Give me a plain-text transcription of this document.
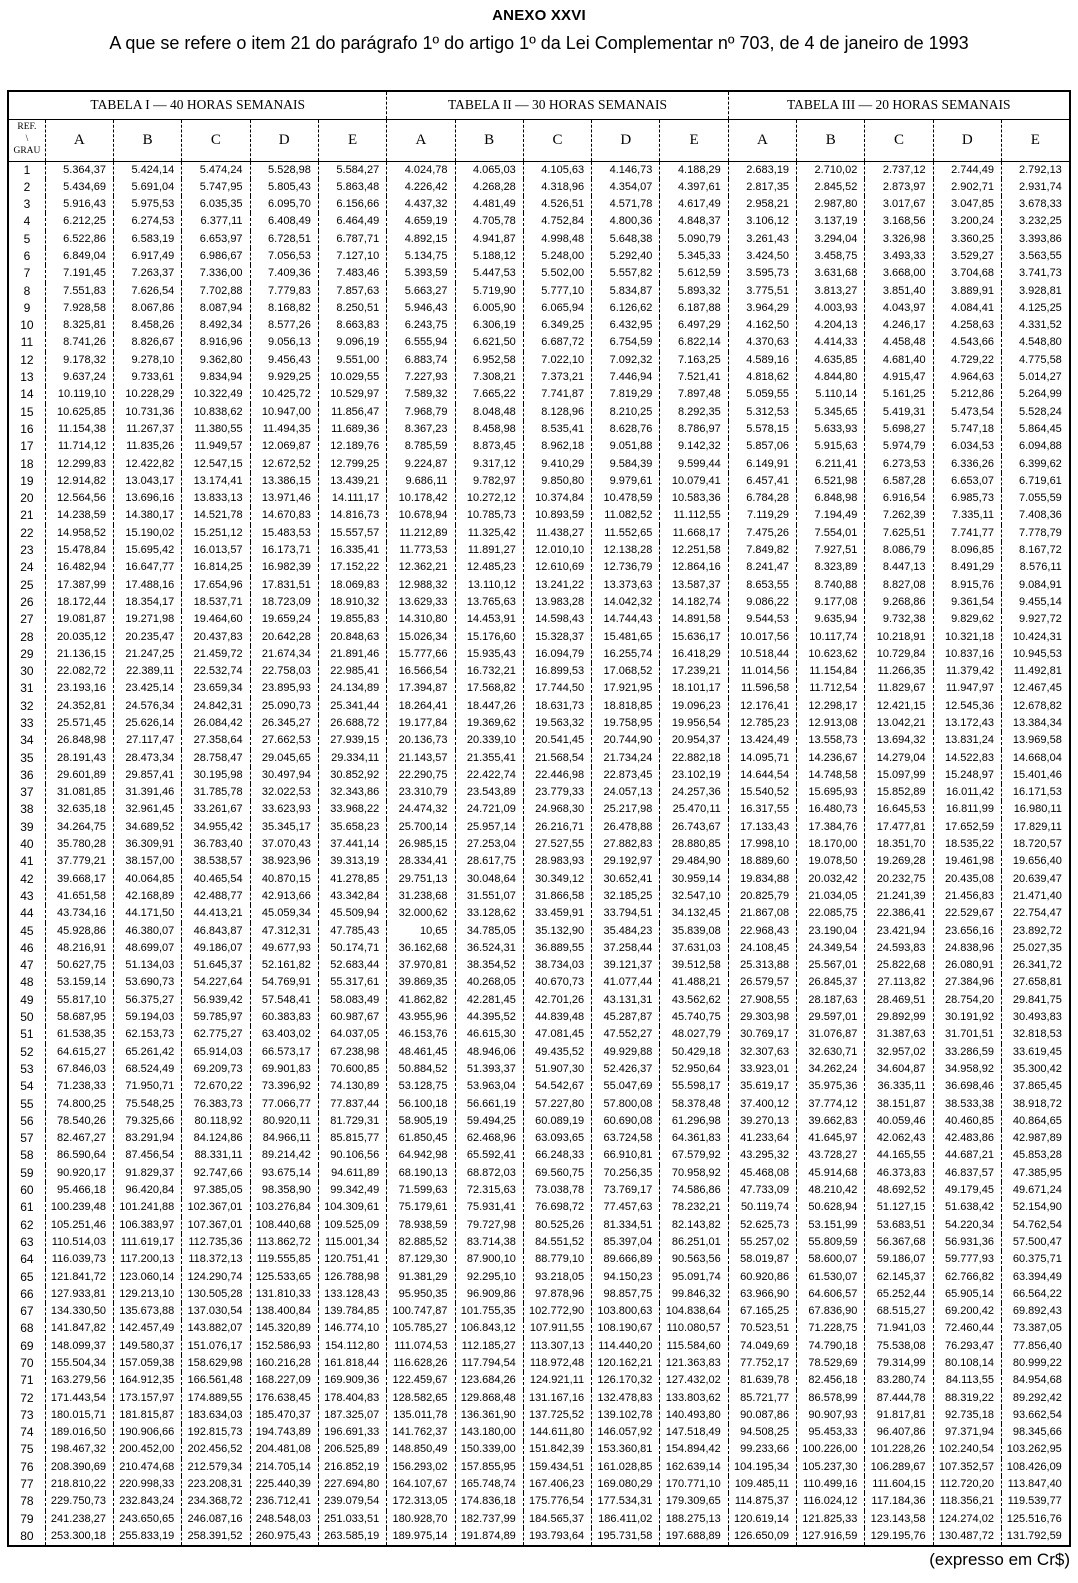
ANEXO XXVI
A que se refere o item 21 do parágrafo 1º do artigo 1º da Lei Complementar nº 703, de 4 de janeiro de 1993
TABELA I — 40 HORAS SEMANAIS						TABELA II — 30 HORAS SEMANAIS					TABELA III — 20 HORAS SEMANAIS				
REF.
\
GRAU	A	B	C	D	E	A	B	C	D	E	A	B	C	D	E
1	5.364,37	5.424,14	5.474,24	5.528,98	5.584,27	4.024,78	4.065,03	4.105,63	4.146,73	4.188,29	2.683,19	2.710,02	2.737,12	2.744,49	2.792,13
2	5.434,69	5.691,04	5.747,95	5.805,43	5.863,48	4.226,42	4.268,28	4.318,96	4.354,07	4.397,61	2.817,35	2.845,52	2.873,97	2.902,71	2.931,74
3	5.916,43	5.975,53	6.035,35	6.095,70	6.156,66	4.437,32	4.481,49	4.526,51	4.571,78	4.617,49	2.958,21	2.987,80	3.017,67	3.047,85	3.678,33
4	6.212,25	6.274,53	6.377,11	6.408,49	6.464,49	4.659,19	4.705,78	4.752,84	4.800,36	4.848,37	3.106,12	3.137,19	3.168,56	3.200,24	3.232,25
5	6.522,86	6.583,19	6.653,97	6.728,51	6.787,71	4.892,15	4.941,87	4.998,48	5.648,38	5.090,79	3.261,43	3.294,04	3.326,98	3.360,25	3.393,86
6	6.849,04	6.917,49	6.986,67	7.056,53	7.127,10	5.134,75	5.188,12	5.248,00	5.292,40	5.345,33	3.424,50	3.458,75	3.493,33	3.529,27	3.563,55
7	7.191,45	7.263,37	7.336,00	7.409,36	7.483,46	5.393,59	5.447,53	5.502,00	5.557,82	5.612,59	3.595,73	3.631,68	3.668,00	3.704,68	3.741,73
8	7.551,83	7.626,54	7.702,88	7.779,83	7.857,63	5.663,27	5.719,90	5.777,10	5.834,87	5.893,32	3.775,51	3.813,27	3.851,40	3.889,91	3.928,81
9	7.928,58	8.067,86	8.087,94	8.168,82	8.250,51	5.946,43	6.005,90	6.065,94	6.126,62	6.187,88	3.964,29	4.003,93	4.043,97	4.084,41	4.125,25
10	8.325,81	8.458,26	8.492,34	8.577,26	8.663,83	6.243,75	6.306,19	6.349,25	6.432,95	6.497,29	4.162,50	4.204,13	4.246,17	4.258,63	4.331,52
11	8.741,26	8.826,67	8.916,96	9.056,13	9.096,19	6.555,94	6.621,50	6.687,72	6.754,59	6.822,14	4.370,63	4.414,33	4.458,48	4.543,66	4.548,80
12	9.178,32	9.278,10	9.362,80	9.456,43	9.551,00	6.883,74	6.952,58	7.022,10	7.092,32	7.163,25	4.589,16	4.635,85	4.681,40	4.729,22	4.775,58
13	9.637,24	9.733,61	9.834,94	9.929,25	10.029,55	7.227,93	7.308,21	7.373,21	7.446,94	7.521,41	4.818,62	4.844,80	4.915,47	4.964,63	5.014,27
14	10.119,10	10.228,29	10.322,49	10.425,72	10.529,97	7.589,32	7.665,22	7.741,87	7.819,29	7.897,48	5.059,55	5.110,14	5.161,25	5.212,86	5.264,99
15	10.625,85	10.731,36	10.838,62	10.947,00	11.856,47	7.968,79	8.048,48	8.128,96	8.210,25	8.292,35	5.312,53	5.345,65	5.419,31	5.473,54	5.528,24
16	11.154,38	11.267,37	11.380,55	11.494,35	11.689,36	8.367,23	8.458,98	8.535,41	8.628,76	8.786,97	5.578,15	5.633,93	5.698,27	5.747,18	5.864,45
17	11.714,12	11.835,26	11.949,57	12.069,87	12.189,76	8.785,59	8.873,45	8.962,18	9.051,88	9.142,32	5.857,06	5.915,63	5.974,79	6.034,53	6.094,88
18	12.299,83	12.422,82	12.547,15	12.672,52	12.799,25	9.224,87	9.317,12	9.410,29	9.584,39	9.599,44	6.149,91	6.211,41	6.273,53	6.336,26	6.399,62
19	12.914,82	13.043,17	13.174,41	13.386,15	13.439,21	9.686,11	9.782,97	9.850,80	9.979,61	10.079,41	6.457,41	6.521,98	6.587,28	6.653,07	6.719,61
20	12.564,56	13.696,16	13.833,13	13.971,46	14.111,17	10.178,42	10.272,12	10.374,84	10.478,59	10.583,36	6.784,28	6.848,98	6.916,54	6.985,73	7.055,59
21	14.238,59	14.380,17	14.521,78	14.670,83	14.816,73	10.678,94	10.785,73	10.893,59	11.082,52	11.112,55	7.119,29	7.194,49	7.262,39	7.335,11	7.408,36
22	14.958,52	15.190,02	15.251,12	15.483,53	15.557,57	11.212,89	11.325,42	11.438,27	11.552,65	11.668,17	7.475,26	7.554,01	7.625,51	7.741,77	7.778,79
23	15.478,84	15.695,42	16.013,57	16.173,71	16.335,41	11.773,53	11.891,27	12.010,10	12.138,28	12.251,58	7.849,82	7.927,51	8.086,79	8.096,85	8.167,72
24	16.482,94	16.647,77	16.814,25	16.982,39	17.152,22	12.362,21	12.485,23	12.610,69	12.736,79	12.864,16	8.241,47	8.323,89	8.447,13	8.491,29	8.576,11
25	17.387,99	17.488,16	17.654,96	17.831,51	18.069,83	12.988,32	13.110,12	13.241,22	13.373,63	13.587,37	8.653,55	8.740,88	8.827,08	8.915,76	9.084,91
26	18.172,44	18.354,17	18.537,71	18.723,09	18.910,32	13.629,33	13.765,63	13.983,28	14.042,32	14.182,74	9.086,22	9.177,08	9.268,86	9.361,54	9.455,14
27	19.081,87	19.271,98	19.464,60	19.659,24	19.855,83	14.310,80	14.453,91	14.598,43	14.744,43	14.891,58	9.544,53	9.635,94	9.732,38	9.829,62	9.927,72
28	20.035,12	20.235,47	20.437,83	20.642,28	20.848,63	15.026,34	15.176,60	15.328,37	15.481,65	15.636,17	10.017,56	10.117,74	10.218,91	10.321,18	10.424,31
29	21.136,15	21.247,25	21.459,72	21.674,34	21.891,46	15.777,66	15.935,43	16.094,79	16.255,74	16.418,29	10.518,44	10.623,62	10.729,84	10.837,16	10.945,53
30	22.082,72	22.389,11	22.532,74	22.758,03	22.985,41	16.566,54	16.732,21	16.899,53	17.068,52	17.239,21	11.014,56	11.154,84	11.266,35	11.379,42	11.492,81
31	23.193,16	23.425,14	23.659,34	23.895,93	24.134,89	17.394,87	17.568,82	17.744,50	17.921,95	18.101,17	11.596,58	11.712,54	11.829,67	11.947,97	12.467,45
32	24.352,81	24.576,34	24.842,31	25.090,73	25.341,44	18.264,41	18.447,26	18.631,73	18.818,85	19.096,23	12.176,41	12.298,17	12.421,15	12.545,36	12.678,82
33	25.571,45	25.626,14	26.084,42	26.345,27	26.688,72	19.177,84	19.369,62	19.563,32	19.758,95	19.956,54	12.785,23	12.913,08	13.042,21	13.172,43	13.384,34
34	26.848,98	27.117,47	27.358,64	27.662,53	27.939,15	20.136,73	20.339,10	20.541,45	20.744,90	20.954,37	13.424,49	13.558,73	13.694,32	13.831,24	13.969,58
35	28.191,43	28.473,34	28.758,47	29.045,65	29.334,11	21.143,57	21.355,41	21.568,54	21.734,24	22.882,18	14.095,71	14.236,67	14.279,04	14.522,83	14.668,04
36	29.601,89	29.857,41	30.195,98	30.497,94	30.852,92	22.290,75	22.422,74	22.446,98	22.873,45	23.102,19	14.644,54	14.748,58	15.097,99	15.248,97	15.401,46
37	31.081,85	31.391,46	31.785,78	32.022,53	32.343,86	23.310,79	23.543,89	23.779,33	24.057,13	24.257,36	15.540,52	15.695,93	15.852,89	16.011,42	16.171,53
38	32.635,18	32.961,45	33.261,67	33.623,93	33.968,22	24.474,32	24.721,09	24.968,30	25.217,98	25.470,11	16.317,55	16.480,73	16.645,53	16.811,99	16.980,11
39	34.264,75	34.689,52	34.955,42	35.345,17	35.658,23	25.700,14	25.957,14	26.216,71	26.478,88	26.743,67	17.133,43	17.384,76	17.477,81	17.652,59	17.829,11
40	35.780,28	36.309,91	36.783,40	37.070,43	37.441,14	26.985,15	27.253,04	27.527,55	27.882,83	28.880,85	17.998,10	18.170,00	18.351,70	18.535,22	18.720,57
41	37.779,21	38.157,00	38.538,57	38.923,96	39.313,19	28.334,41	28.617,75	28.983,93	29.192,97	29.484,90	18.889,60	19.078,50	19.269,28	19.461,98	19.656,40
42	39.668,17	40.064,85	40.465,54	40.870,15	41.278,85	29.751,13	30.048,64	30.349,12	30.652,41	30.959,14	19.834,88	20.032,42	20.232,75	20.435,08	20.639,47
43	41.651,58	42.168,89	42.488,77	42.913,66	43.342,84	31.238,68	31.551,07	31.866,58	32.185,25	32.547,10	20.825,79	21.034,05	21.241,39	21.456,83	21.471,40
44	43.734,16	44.171,50	44.413,21	45.059,34	45.509,94	32.000,62	33.128,62	33.459,91	33.794,51	34.132,45	21.867,08	22.085,75	22.386,41	22.529,67	22.754,47
45	45.928,86	46.380,07	46.843,87	47.312,31	47.785,43	10,65	34.785,05	35.132,90	35.484,23	35.839,08	22.968,43	23.190,04	23.421,94	23.656,16	23.892,72
46	48.216,91	48.699,07	49.186,07	49.677,93	50.174,71	36.162,68	36.524,31	36.889,55	37.258,44	37.631,03	24.108,45	24.349,54	24.593,83	24.838,96	25.027,35
47	50.627,75	51.134,03	51.645,37	52.161,82	52.683,44	37.970,81	38.354,52	38.734,03	39.121,37	39.512,58	25.313,88	25.567,01	25.822,68	26.080,91	26.341,72
48	53.159,14	53.690,73	54.227,64	54.769,91	55.317,61	39.869,35	40.268,05	40.670,73	41.077,44	41.488,21	26.579,57	26.845,37	27.113,82	27.384,96	27.658,81
49	55.817,10	56.375,27	56.939,42	57.548,41	58.083,49	41.862,82	42.281,45	42.701,26	43.131,31	43.562,62	27.908,55	28.187,63	28.469,51	28.754,20	29.841,75
50	58.687,95	59.194,03	59.785,97	60.383,83	60.987,67	43.955,96	44.395,52	44.839,48	45.287,87	45.740,75	29.303,98	29.597,01	29.892,99	30.191,92	30.493,83
51	61.538,35	62.153,73	62.775,27	63.403,02	64.037,05	46.153,76	46.615,30	47.081,45	47.552,27	48.027,79	30.769,17	31.076,87	31.387,63	31.701,51	32.818,53
52	64.615,27	65.261,42	65.914,03	66.573,17	67.238,98	48.461,45	48.946,06	49.435,52	49.929,88	50.429,18	32.307,63	32.630,71	32.957,02	33.286,59	33.619,45
53	67.846,03	68.524,49	69.209,73	69.901,83	70.600,85	50.884,52	51.393,37	51.907,30	52.426,37	52.950,64	33.923,01	34.262,24	34.604,87	34.958,92	35.300,42
54	71.238,33	71.950,71	72.670,22	73.396,92	74.130,89	53.128,75	53.963,04	54.542,67	55.047,69	55.598,17	35.619,17	35.975,36	36.335,11	36.698,46	37.865,45
55	74.800,25	75.548,25	76.383,73	77.066,77	77.837,44	56.100,18	56.661,19	57.227,80	57.800,08	58.378,48	37.400,12	37.774,12	38.151,87	38.533,38	38.918,72
56	78.540,26	79.325,66	80.118,92	80.920,11	81.729,31	58.905,19	59.494,25	60.089,19	60.690,08	61.296,98	39.270,13	39.662,83	40.059,46	40.460,85	40.864,65
57	82.467,27	83.291,94	84.124,86	84.966,11	85.815,77	61.850,45	62.468,96	63.093,65	63.724,58	64.361,83	41.233,64	41.645,97	42.062,43	42.483,86	42.987,89
58	86.590,64	87.456,54	88.331,11	89.214,42	90.106,56	64.942,98	65.592,41	66.248,33	66.910,81	67.579,92	43.295,32	43.728,27	44.165,55	44.687,21	45.853,28
59	90.920,17	91.829,37	92.747,66	93.675,14	94.611,89	68.190,13	68.872,03	69.560,75	70.256,35	70.958,92	45.468,08	45.914,68	46.373,83	46.837,57	47.385,95
60	95.466,18	96.420,84	97.385,05	98.358,90	99.342,49	71.599,63	72.315,63	73.038,78	73.769,17	74.586,86	47.733,09	48.210,42	48.692,52	49.179,45	49.671,24
61	100.239,48	101.241,88	102.367,01	103.276,84	104.309,61	75.179,61	75.931,41	76.698,72	77.457,63	78.232,21	50.119,74	50.628,94	51.127,15	51.638,42	52.154,90
62	105.251,46	106.383,97	107.367,01	108.440,68	109.525,09	78.938,59	79.727,98	80.525,26	81.334,51	82.143,82	52.625,73	53.151,99	53.683,51	54.220,34	54.762,54
63	110.514,03	111.619,17	112.735,36	113.862,72	115.001,34	82.885,52	83.714,38	84.551,52	85.397,04	86.251,01	55.257,02	55.809,59	56.367,68	56.931,36	57.500,47
64	116.039,73	117.200,13	118.372,13	119.555,85	120.751,41	87.129,30	87.900,10	88.779,10	89.666,89	90.563,56	58.019,87	58.600,07	59.186,07	59.777,93	60.375,71
65	121.841,72	123.060,14	124.290,74	125.533,65	126.788,98	91.381,29	92.295,10	93.218,05	94.150,23	95.091,74	60.920,86	61.530,07	62.145,37	62.766,82	63.394,49
66	127.933,81	129.213,10	130.505,28	131.810,33	133.128,43	95.950,35	96.909,86	97.878,96	98.857,75	99.846,32	63.966,90	64.606,57	65.252,44	65.905,14	66.564,22
67	134.330,50	135.673,88	137.030,54	138.400,84	139.784,85	100.747,87	101.755,35	102.772,90	103.800,63	104.838,64	67.165,25	67.836,90	68.515,27	69.200,42	69.892,43
68	141.847,82	142.457,49	143.882,07	145.320,89	146.774,10	105.785,27	106.843,12	107.911,55	108.190,67	110.080,57	70.523,51	71.228,75	71.941,03	72.460,44	73.387,05
69	148.099,37	149.580,37	151.076,17	152.586,93	154.112,80	111.074,53	112.185,27	113.307,13	114.440,20	115.584,60	74.049,69	74.790,18	75.538,08	76.293,47	77.856,40
70	155.504,34	157.059,38	158.629,98	160.216,28	161.818,44	116.628,26	117.794,54	118.972,48	120.162,21	121.363,83	77.752,17	78.529,69	79.314,99	80.108,14	80.999,22
71	163.279,56	164.912,35	166.561,48	168.227,09	169.909,36	122.459,67	123.684,26	124.921,11	126.170,32	127.432,02	81.639,78	82.456,18	83.280,74	84.113,55	84.954,68
72	171.443,54	173.157,97	174.889,55	176.638,45	178.404,83	128.582,65	129.868,48	131.167,16	132.478,83	133.803,62	85.721,77	86.578,99	87.444,78	88.319,22	89.292,42
73	180.015,71	181.815,87	183.634,03	185.470,37	187.325,07	135.011,78	136.361,90	137.725,52	139.102,78	140.493,80	90.087,86	90.907,93	91.817,81	92.735,18	93.662,54
74	189.016,50	190.906,66	192.815,73	194.743,89	196.691,33	141.762,37	143.180,00	144.611,80	146.057,92	147.518,49	94.508,25	95.453,33	96.407,86	97.371,94	98.345,66
75	198.467,32	200.452,00	202.456,52	204.481,08	206.525,89	148.850,49	150.339,00	151.842,39	153.360,81	154.894,42	99.233,66	100.226,00	101.228,26	102.240,54	103.262,95
76	208.390,69	210.474,68	212.579,34	214.705,14	216.852,19	156.293,02	157.855,95	159.434,51	161.028,85	162.639,14	104.195,34	105.237,30	106.289,67	107.352,57	108.426,09
77	218.810,22	220.998,33	223.208,31	225.440,39	227.694,80	164.107,67	165.748,74	167.406,23	169.080,29	170.771,10	109.485,11	110.499,16	111.604,15	112.720,20	113.847,40
78	229.750,73	232.843,24	234.368,72	236.712,41	239.079,54	172.313,05	174.836,18	175.776,54	177.534,31	179.309,65	114.875,37	116.024,12	117.184,36	118.356,21	119.539,77
79	241.238,27	243.650,65	246.087,16	248.548,03	251.033,51	180.928,70	182.737,99	184.565,37	186.411,02	188.275,13	120.619,14	121.825,33	123.143,58	124.274,02	125.516,76
80	253.300,18	255.833,19	258.391,52	260.975,43	263.585,19	189.975,14	191.874,89	193.793,64	195.731,58	197.688,89	126.650,09	127.916,59	129.195,76	130.487,72	131.792,59
(expresso em Cr$)
